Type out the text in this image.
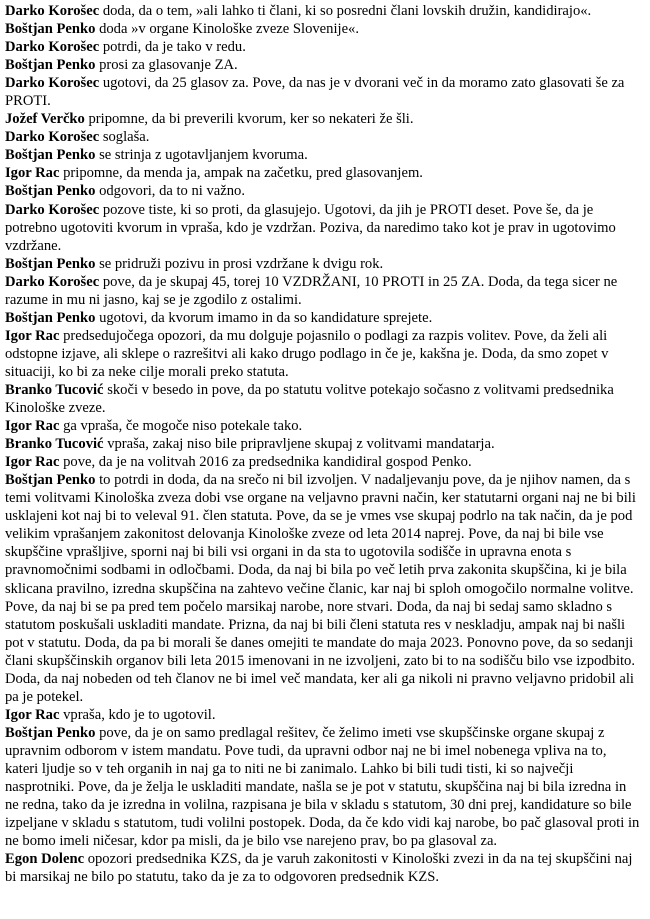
Darko Korošec doda, da o tem, »ali lahko ti člani, ki so posredni člani lovskih družin, kandidirajo«.

Boštjan Penko doda »v organe Kinološke zveze Slovenije«.

Darko Korošec potrdi, da je tako v redu.

Boštjan Penko prosi za glasovanje ZA.

Darko Korošec ugotovi, da 25 glasov za. Pove, da nas je v dvorani več in da moramo zato glasovati še za PROTI.

Jožef Verčko pripomne, da bi preverili kvorum, ker so nekateri že šli.

Darko Korošec soglaša.

Boštjan Penko se strinja z ugotavljanjem kvoruma.

Igor Rac pripomne, da menda ja, ampak na začetku, pred glasovanjem.

Boštjan Penko odgovori, da to ni važno.

Darko Korošec pozove tiste, ki so proti, da glasujejo. Ugotovi, da jih je PROTI deset. Pove še, da je potrebno ugotoviti kvorum in vpraša, kdo je vzdržan. Poziva, da naredimo tako kot je prav in ugotovimo vzdržane.

Boštjan Penko se pridruži pozivu in prosi vzdržane k dvigu rok.

Darko Korošec pove, da je skupaj 45, torej 10 VZDRŽANI, 10 PROTI in 25 ZA. Doda, da tega sicer ne razume in mu ni jasno, kaj se je zgodilo z ostalimi.

Boštjan Penko ugotovi, da kvorum imamo in da so kandidature sprejete.

Igor Rac predsedujočega opozori, da mu dolguje pojasnilo o podlagi za razpis volitev. Pove, da želi ali odstopne izjave, ali sklepe o razrešitvi ali kako drugo podlago in če je, kakšna je. Doda, da smo zopet v situaciji, ko bi za neke cilje morali preko statuta.

Branko Tucović skoči v besedo in pove, da po statutu volitve potekajo sočasno z volitvami predsednika Kinološke zveze.

Igor Rac ga vpraša, če mogoče niso potekale tako.

Branko Tucović vpraša, zakaj niso bile pripravljene skupaj z volitvami mandatarja.

Igor Rac pove, da je na volitvah 2016 za predsednika kandidiral gospod Penko.

Boštjan Penko to potrdi in doda, da na srečo ni bil izvoljen. V nadaljevanju pove, da je njihov namen, da s temi volitvami Kinološka zveza dobi vse organe na veljavno pravni način, ker statutarni organi naj ne bi bili usklajeni kot naj bi to veleval 91. člen statuta. Pove, da se je vmes vse skupaj podrlo na tak način, da je pod velikim vprašanjem zakonitost delovanja Kinološke zveze od leta 2014 naprej. Pove, da naj bi bile vse skupščine vprašljive, sporni naj bi bili vsi organi in da sta to ugotovila sodišče in upravna enota s pravnomočnimi sodbami in odločbami. Doda, da naj bi bila po več letih prva zakonita skupščina, ki je bila sklicana pravilno, izredna skupščina na zahtevo večine članic, kar naj bi sploh omogočilo normalne volitve. Pove, da naj bi se pa pred tem počelo marsikaj narobe, nore stvari. Doda, da naj bi sedaj samo skladno s statutom poskušali uskladiti mandate. Prizna, da naj bi bili členi statuta res v neskladju, ampak naj bi našli pot v statutu. Doda, da pa bi morali še danes omejiti te mandate do maja 2023. Ponovno pove, da so sedanji člani skupščinskih organov bili leta 2015 imenovani in ne izvoljeni, zato bi to na sodišču bilo vse izpodbito. Doda, da naj nobeden od teh članov ne bi imel več mandata, ker ali ga nikoli ni pravno veljavno pridobil ali pa je potekel.

Igor Rac vpraša, kdo je to ugotovil.

Boštjan Penko pove, da je on samo predlagal rešitev, če želimo imeti vse skupščinske organe skupaj z upravnim odborom v istem mandatu. Pove tudi, da upravni odbor naj ne bi imel nobenega vpliva na to, kateri ljudje so v teh organih in naj ga to niti ne bi zanimalo. Lahko bi bili tudi tisti, ki so največji nasprotniki. Pove, da je želja le uskladiti mandate, našla se je pot v statutu, skupščina naj bi bila izredna in ne redna, tako da je izredna in volilna, razpisana je bila v skladu s statutom, 30 dni prej, kandidature so bile izpeljane v skladu s statutom, tudi volilni postopek. Doda, da če kdo vidi kaj narobe, bo pač glasoval proti in ne bomo imeli ničesar, kdor pa misli, da je bilo vse narejeno prav, bo pa glasoval za.

Egon Dolenc opozori predsednika KZS, da je varuh zakonitosti v Kinološki zvezi in da na tej skupščini naj bi marsikaj ne bilo po statutu, tako da je za to odgovoren predsednik KZS.
